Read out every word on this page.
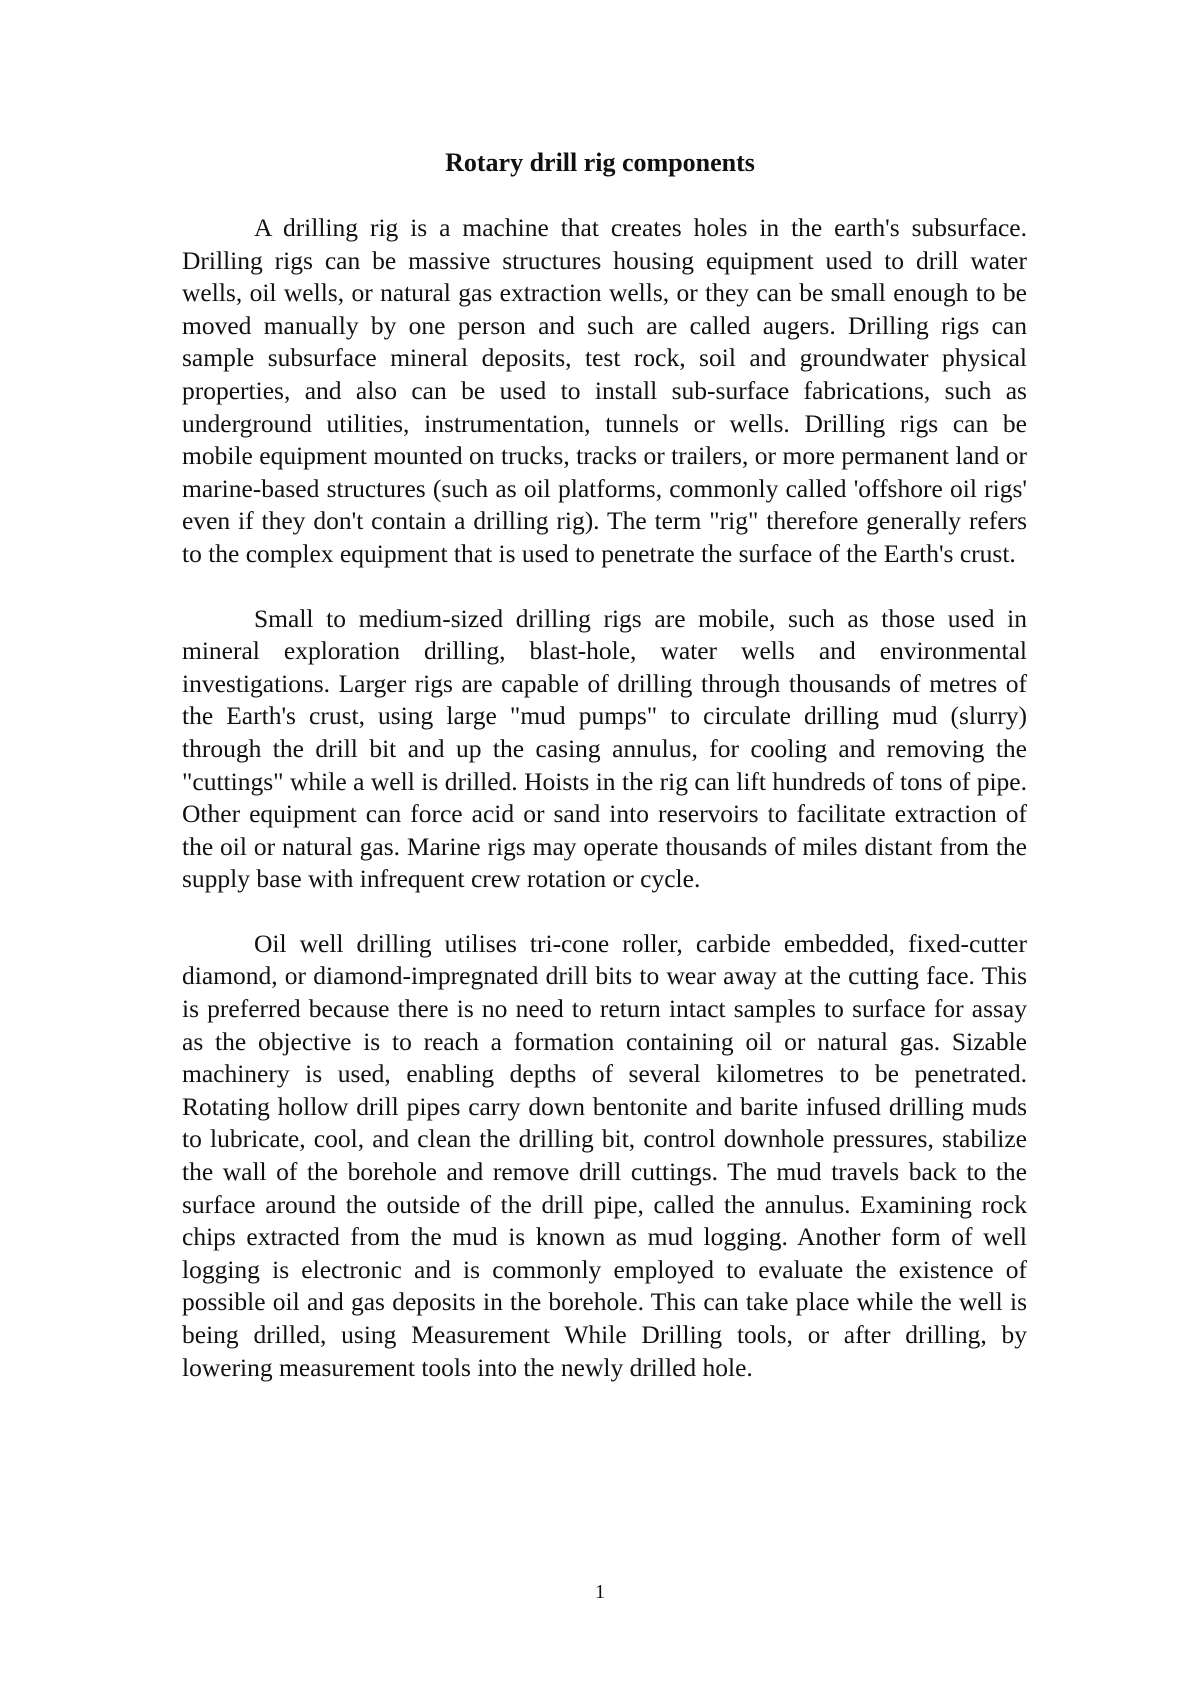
Rotary drill rig components

A drilling rig is a machine that creates holes in the earth's subsurface. Drilling rigs can be massive structures housing equipment used to drill water wells, oil wells, or natural gas extraction wells, or they can be small enough to be moved manually by one person and such are called augers. Drilling rigs can sample subsurface mineral deposits, test rock, soil and groundwater physical properties, and also can be used to install sub-surface fabrications, such as underground utilities, instrumentation, tunnels or wells. Drilling rigs can be mobile equipment mounted on trucks, tracks or trailers, or more permanent land or marine-based structures (such as oil platforms, commonly called 'offshore oil rigs' even if they don't contain a drilling rig). The term "rig" therefore generally refers to the complex equipment that is used to penetrate the surface of the Earth's crust.

Small to medium-sized drilling rigs are mobile, such as those used in mineral exploration drilling, blast-hole, water wells and environmental investigations. Larger rigs are capable of drilling through thousands of metres of the Earth's crust, using large "mud pumps" to circulate drilling mud (slurry) through the drill bit and up the casing annulus, for cooling and removing the "cuttings" while a well is drilled. Hoists in the rig can lift hundreds of tons of pipe. Other equipment can force acid or sand into reservoirs to facilitate extraction of the oil or natural gas. Marine rigs may operate thousands of miles distant from the supply base with infrequent crew rotation or cycle.

Oil well drilling utilises tri-cone roller, carbide embedded, fixed-cutter diamond, or diamond-impregnated drill bits to wear away at the cutting face. This is preferred because there is no need to return intact samples to surface for assay as the objective is to reach a formation containing oil or natural gas. Sizable machinery is used, enabling depths of several kilometres to be penetrated. Rotating hollow drill pipes carry down bentonite and barite infused drilling muds to lubricate, cool, and clean the drilling bit, control downhole pressures, stabilize the wall of the borehole and remove drill cuttings. The mud travels back to the surface around the outside of the drill pipe, called the annulus. Examining rock chips extracted from the mud is known as mud logging. Another form of well logging is electronic and is commonly employed to evaluate the existence of possible oil and gas deposits in the borehole. This can take place while the well is being drilled, using Measurement While Drilling tools, or after drilling, by lowering measurement tools into the newly drilled hole.

1
